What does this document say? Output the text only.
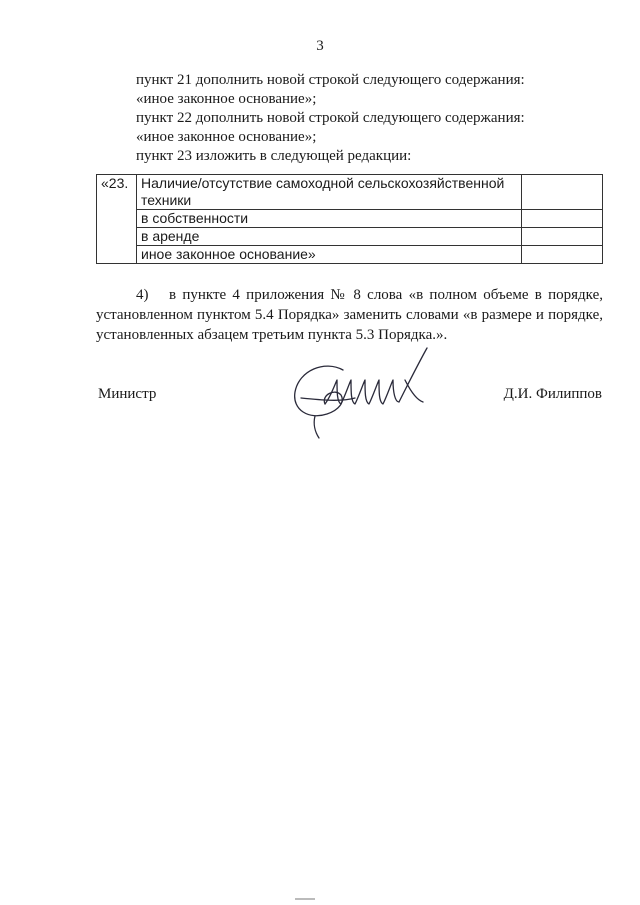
3
пункт 21 дополнить новой строкой следующего содержания:
«иное законное основание»;
пункт 22 дополнить новой строкой следующего содержания:
«иное законное основание»;
пункт 23 изложить в следующей редакции:
«23.	Наличие/отсутствие самоходной сельскохозяйственной техники	
	в собственности	
	в аренде	
	иное законное основание»	
4) в пункте 4 приложения № 8 слова «в полном объеме в порядке, установленном пунктом 5.4 Порядка» заменить словами «в размере и порядке, установленных абзацем третьим пункта 5.3 Порядка.».
Министр	Д.И. Филиппов
